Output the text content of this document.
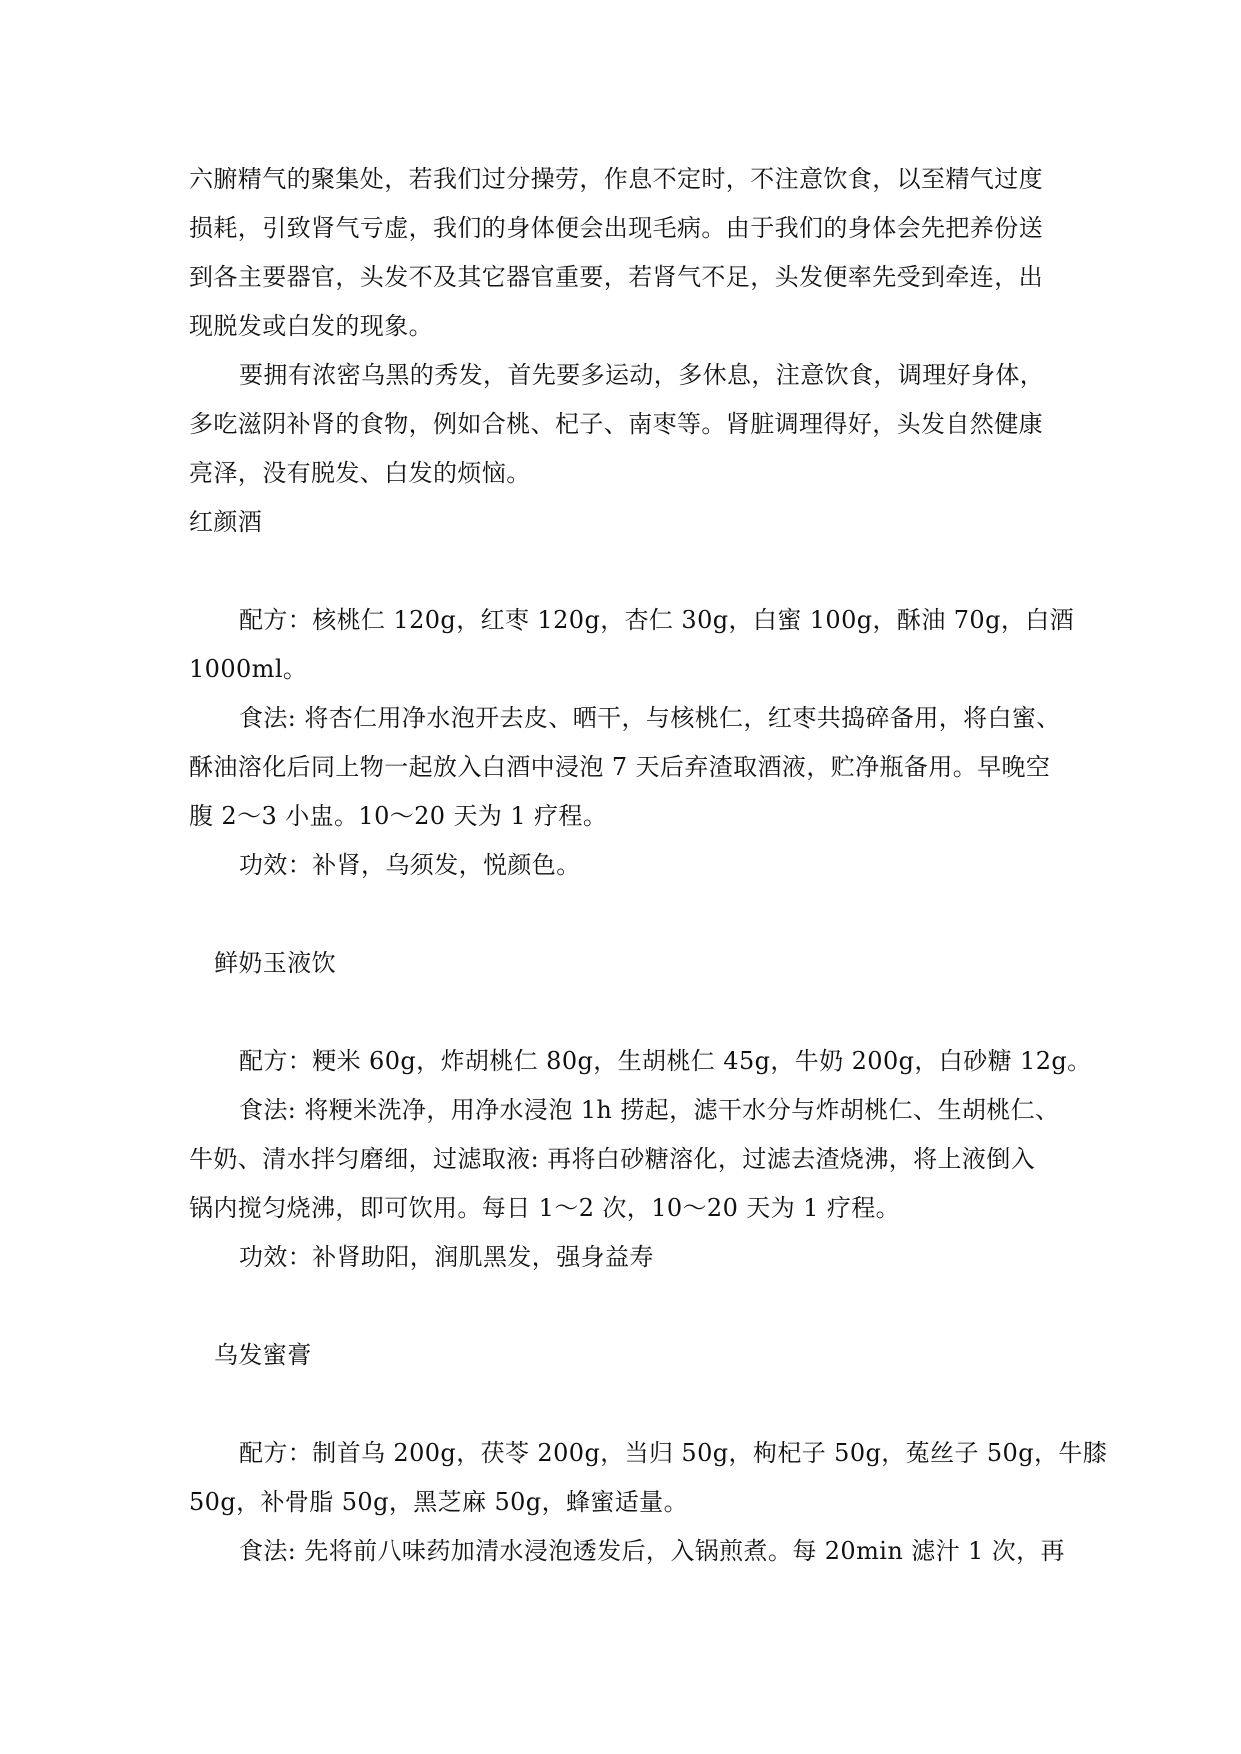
六腑精气的聚集处，若我们过分操劳，作息不定时，不注意饮食，以至精气过度
损耗，引致肾气亏虚，我们的身体便会出现毛病。由于我们的身体会先把养份送
到各主要器官，头发不及其它器官重要，若肾气不足，头发便率先受到牵连，出
现脱发或白发的现象。
要拥有浓密乌黑的秀发，首先要多运动，多休息，注意饮食，调理好身体，
多吃滋阴补肾的食物，例如合桃、杞子、南枣等。肾脏调理得好，头发自然健康
亮泽，没有脱发、白发的烦恼。
红颜酒
配方：核桃仁 120g，红枣 120g，杏仁 30g，白蜜 100g，酥油 70g，白酒
1000ml。
食法: 将杏仁用净水泡开去皮、晒干，与核桃仁，红枣共捣碎备用，将白蜜、
酥油溶化后同上物一起放入白酒中浸泡 7 天后弃渣取酒液，贮净瓶备用。早晚空
腹 2～3 小盅。10～20 天为 1 疗程。
功效：补肾，乌须发，悦颜色。
鲜奶玉液饮
配方：粳米 60g，炸胡桃仁 80g，生胡桃仁 45g，牛奶 200g，白砂糖 12g。
食法: 将粳米洗净，用净水浸泡 1h 捞起，滤干水分与炸胡桃仁、生胡桃仁、
牛奶、清水拌匀磨细，过滤取液: 再将白砂糖溶化，过滤去渣烧沸，将上液倒入
锅内搅匀烧沸，即可饮用。每日 1～2 次，10～20 天为 1 疗程。
功效：补肾助阳，润肌黑发，强身益寿
乌发蜜膏
配方：制首乌 200g，茯苓 200g，当归 50g，枸杞子 50g，菟丝子 50g，牛膝
50g，补骨脂 50g，黑芝麻 50g，蜂蜜适量。
食法: 先将前八味药加清水浸泡透发后，入锅煎煮。每 20min 滤汁 1 次，再
